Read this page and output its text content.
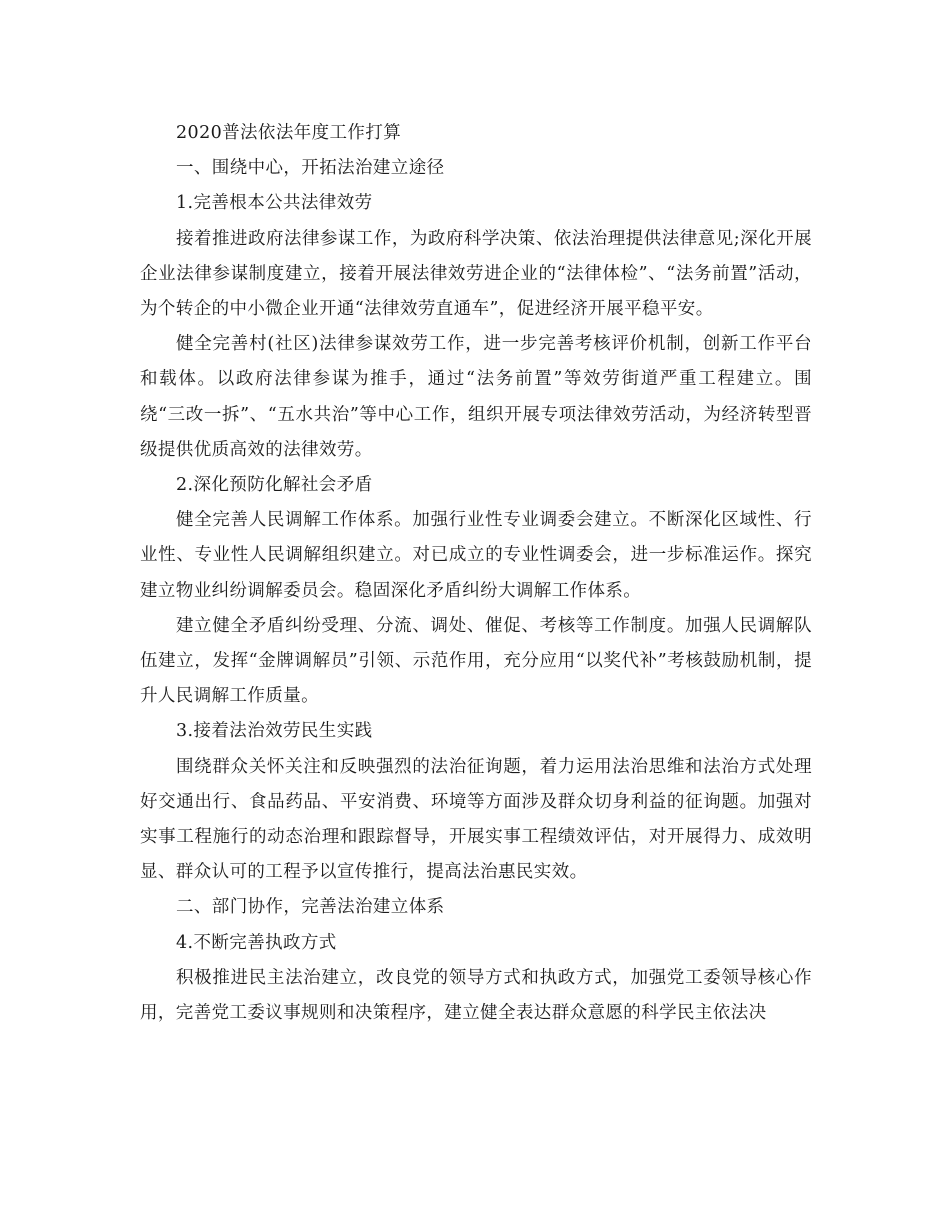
2020普法依法年度工作打算

一、围绕中心，开拓法治建立途径

1.完善根本公共法律效劳

接着推进政府法律参谋工作，为政府科学决策、依法治理提供法律意见;深化开展企业法律参谋制度建立，接着开展法律效劳进企业的“法律体检”、“法务前置”活动，为个转企的中小微企业开通“法律效劳直通车”，促进经济开展平稳平安。

健全完善村(社区)法律参谋效劳工作，进一步完善考核评价机制，创新工作平台和载体。以政府法律参谋为推手，通过“法务前置”等效劳街道严重工程建立。围绕“三改一拆”、“五水共治”等中心工作，组织开展专项法律效劳活动，为经济转型晋级提供优质高效的法律效劳。

2.深化预防化解社会矛盾

健全完善人民调解工作体系。加强行业性专业调委会建立。不断深化区域性、行业性、专业性人民调解组织建立。对已成立的专业性调委会，进一步标准运作。探究建立物业纠纷调解委员会。稳固深化矛盾纠纷大调解工作体系。

建立健全矛盾纠纷受理、分流、调处、催促、考核等工作制度。加强人民调解队伍建立，发挥“金牌调解员”引领、示范作用，充分应用“以奖代补”考核鼓励机制，提升人民调解工作质量。

3.接着法治效劳民生实践

围绕群众关怀关注和反映强烈的法治征询题，着力运用法治思维和法治方式处理好交通出行、食品药品、平安消费、环境等方面涉及群众切身利益的征询题。加强对实事工程施行的动态治理和跟踪督导，开展实事工程绩效评估，对开展得力、成效明显、群众认可的工程予以宣传推行，提高法治惠民实效。

二、部门协作，完善法治建立体系

4.不断完善执政方式

积极推进民主法治建立，改良党的领导方式和执政方式，加强党工委领导核心作用，完善党工委议事规则和决策程序，建立健全表达群众意愿的科学民主依法决
